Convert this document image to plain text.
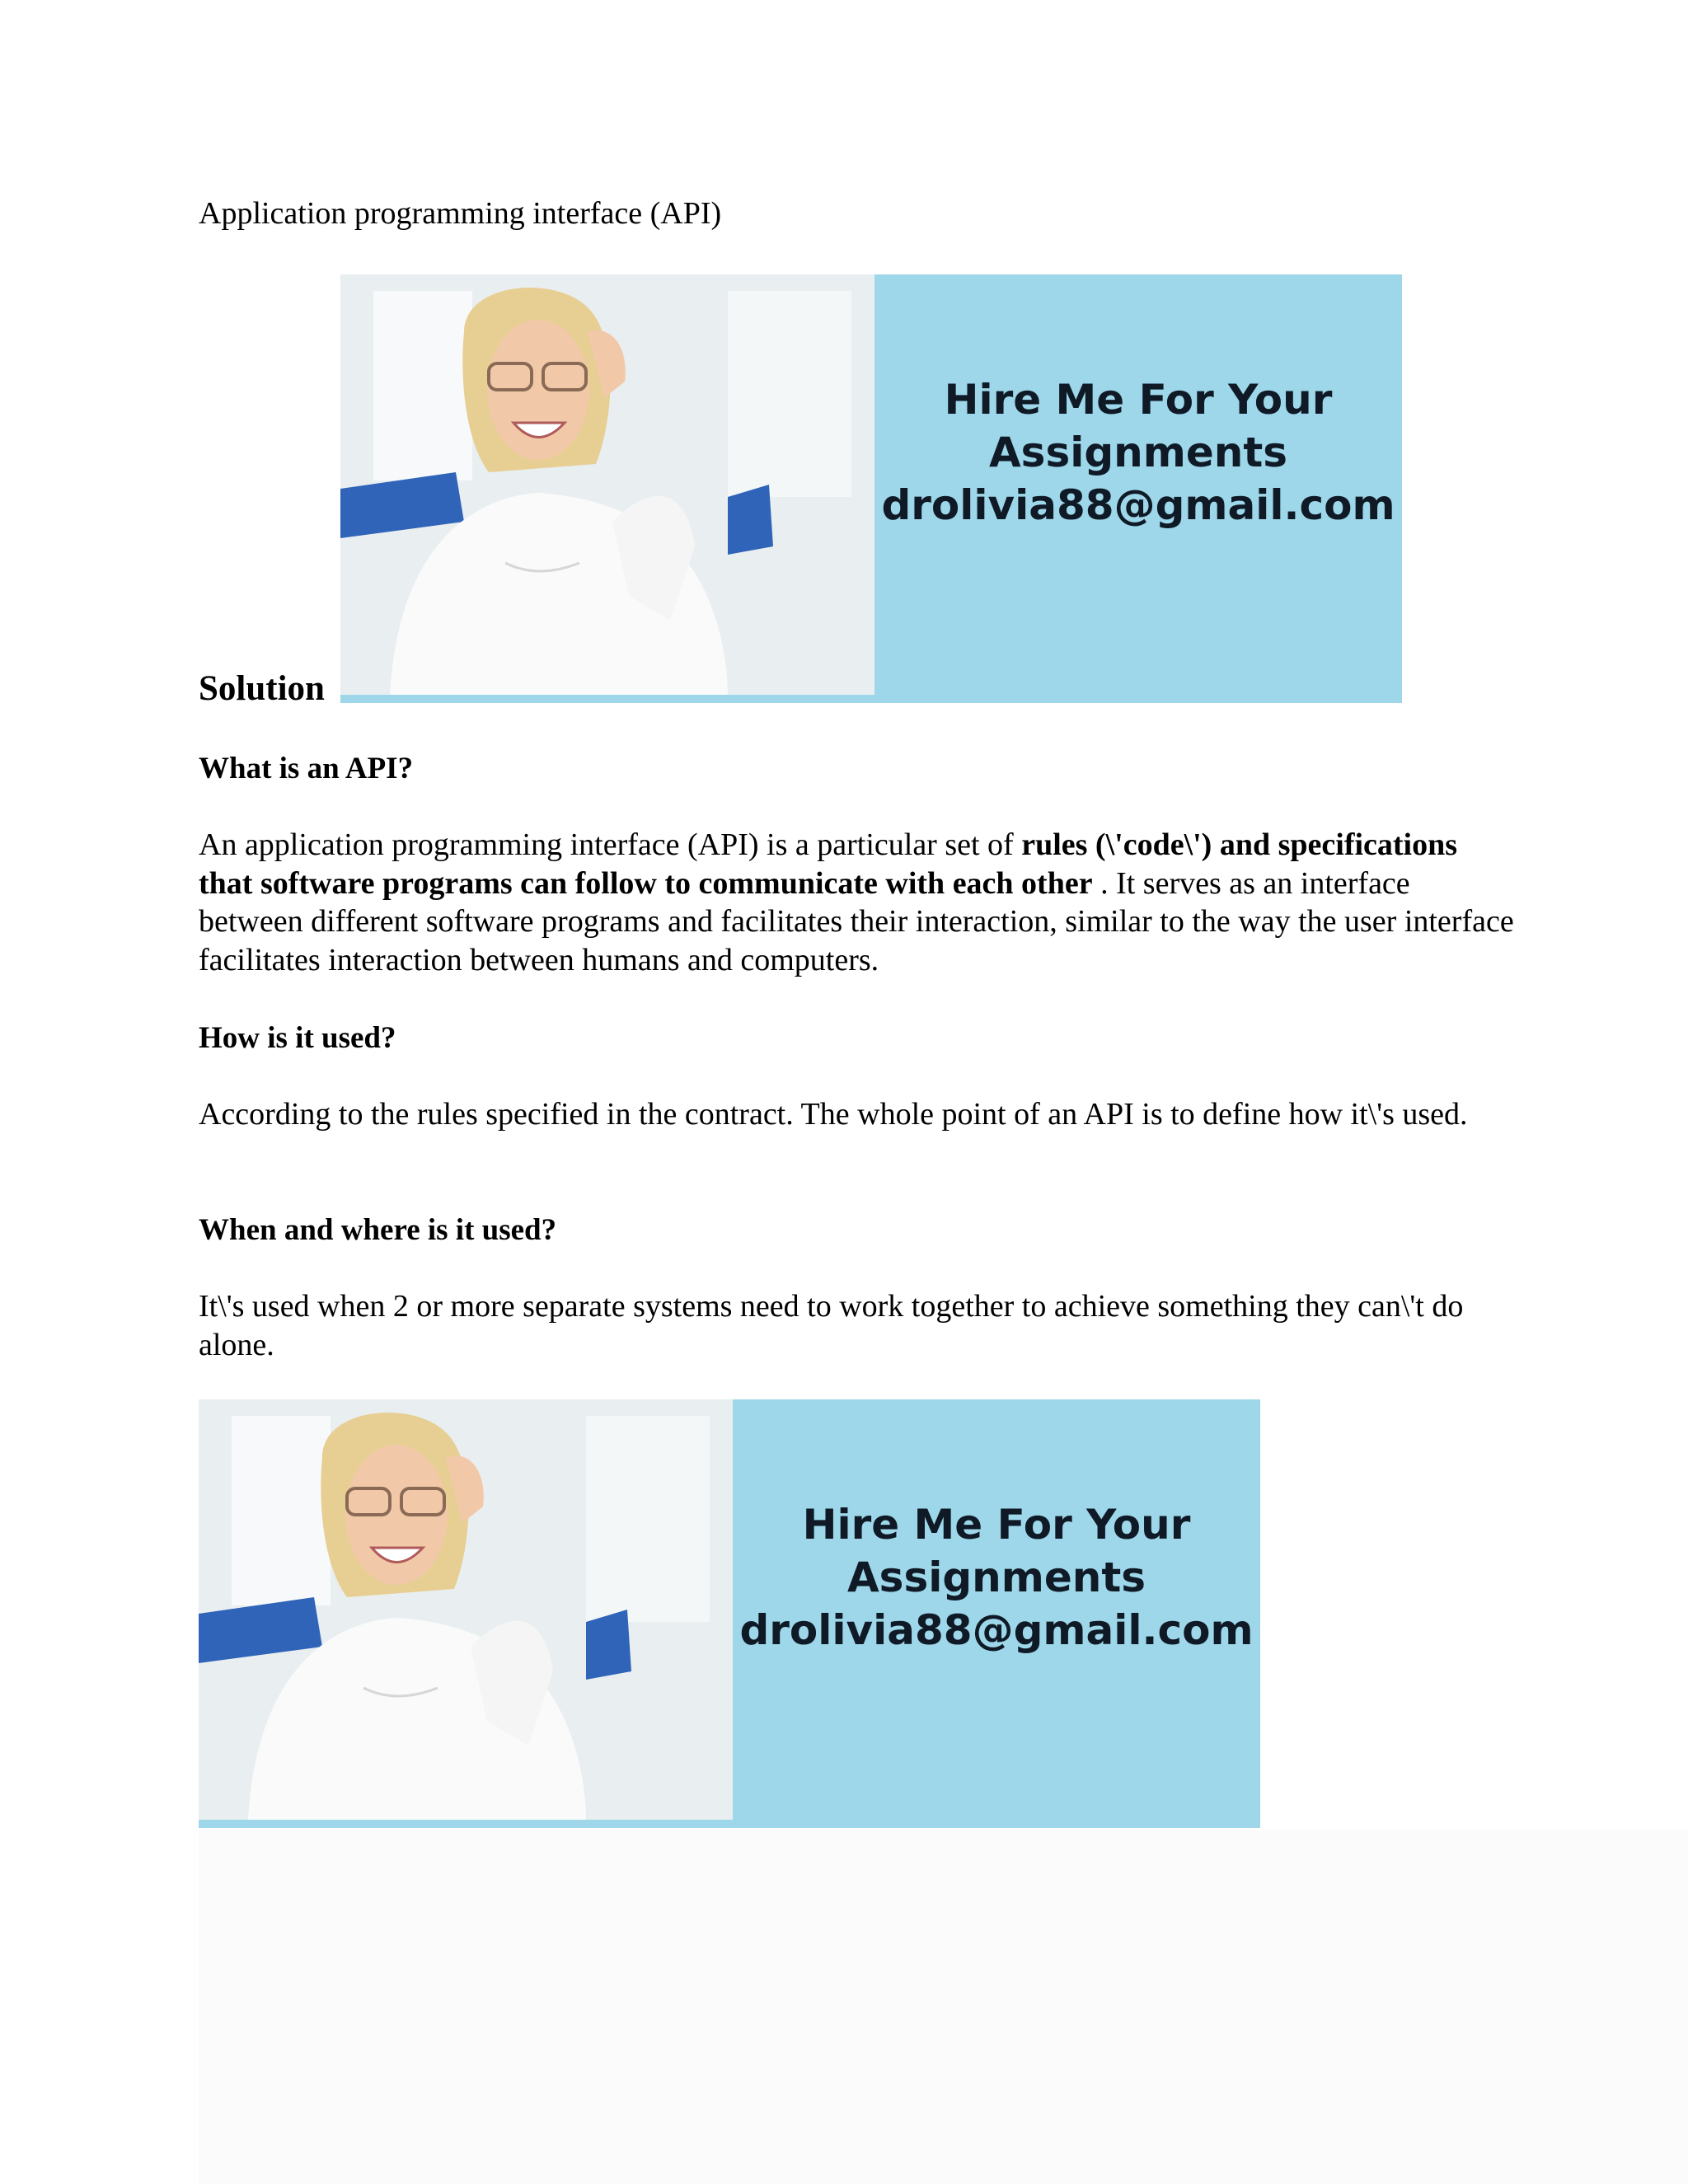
Application programming interface (API)
Hire Me For Your
Assignments
drolivia88@gmail.com
Solution
What is an API?
An application programming interface (API) is a particular set of rules (\'code\') and specifications that software programs can follow to communicate with each other . It serves as an interface between different software programs and facilitates their interaction, similar to the way the user interface facilitates interaction between humans and computers.
How is it used?
According to the rules specified in the contract. The whole point of an API is to define how it\'s used.
When and where is it used?
It\'s used when 2 or more separate systems need to work together to achieve something they can\'t do alone.
Hire Me For Your
Assignments
drolivia88@gmail.com
